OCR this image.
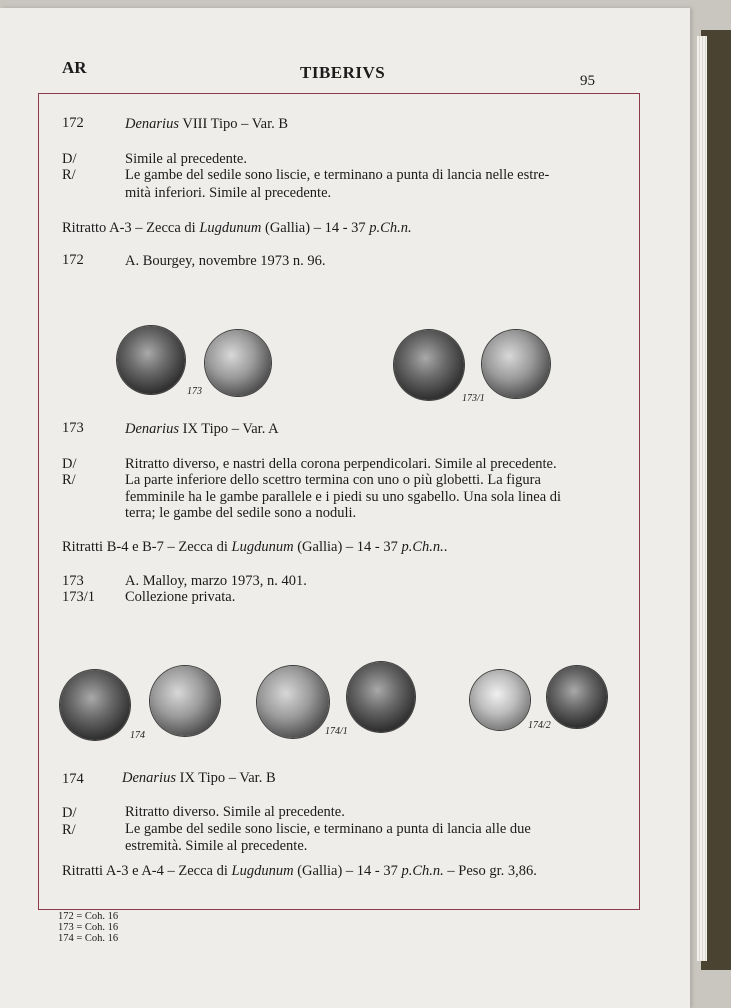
AR	TIBERIVS	95
172	Denarius VIII Tipo – Var. B
D/	Simile al precedente.
R/	Le gambe del sedile sono liscie, e terminano a punta di lancia nelle estre-
mità inferiori. Simile al precedente.
Ritratto A-3 – Zecca di Lugdunum (Gallia) – 14 - 37 p.Ch.n.
172	A. Bourgey, novembre 1973 n. 96.
173
173/1
173	Denarius IX Tipo – Var. A
D/	Ritratto diverso, e nastri della corona perpendicolari. Simile al precedente.
R/	La parte inferiore dello scettro termina con uno o più globetti. La figura
femminile ha le gambe parallele e i piedi su uno sgabello. Una sola linea di
terra; le gambe del sedile sono a noduli.
Ritratti B-4 e B-7 – Zecca di Lugdunum (Gallia) – 14 - 37 p.Ch.n..
173	A. Malloy, marzo 1973, n. 401.
173/1 Collezione privata.
174	174/1
174/2
174	Denarius IX Tipo – Var. B
D/	Ritratto diverso. Simile al precedente.
R/	Le gambe del sedile sono liscie, e terminano a punta di lancia alle due
estremità. Simile al precedente.
Ritratti A-3 e A-4 – Zecca di Lugdunum (Gallia) – 14 - 37 p.Ch.n. – Peso gr. 3,86.
172 = Coh. 16
173 = Coh. 16
174 = Coh. 16
